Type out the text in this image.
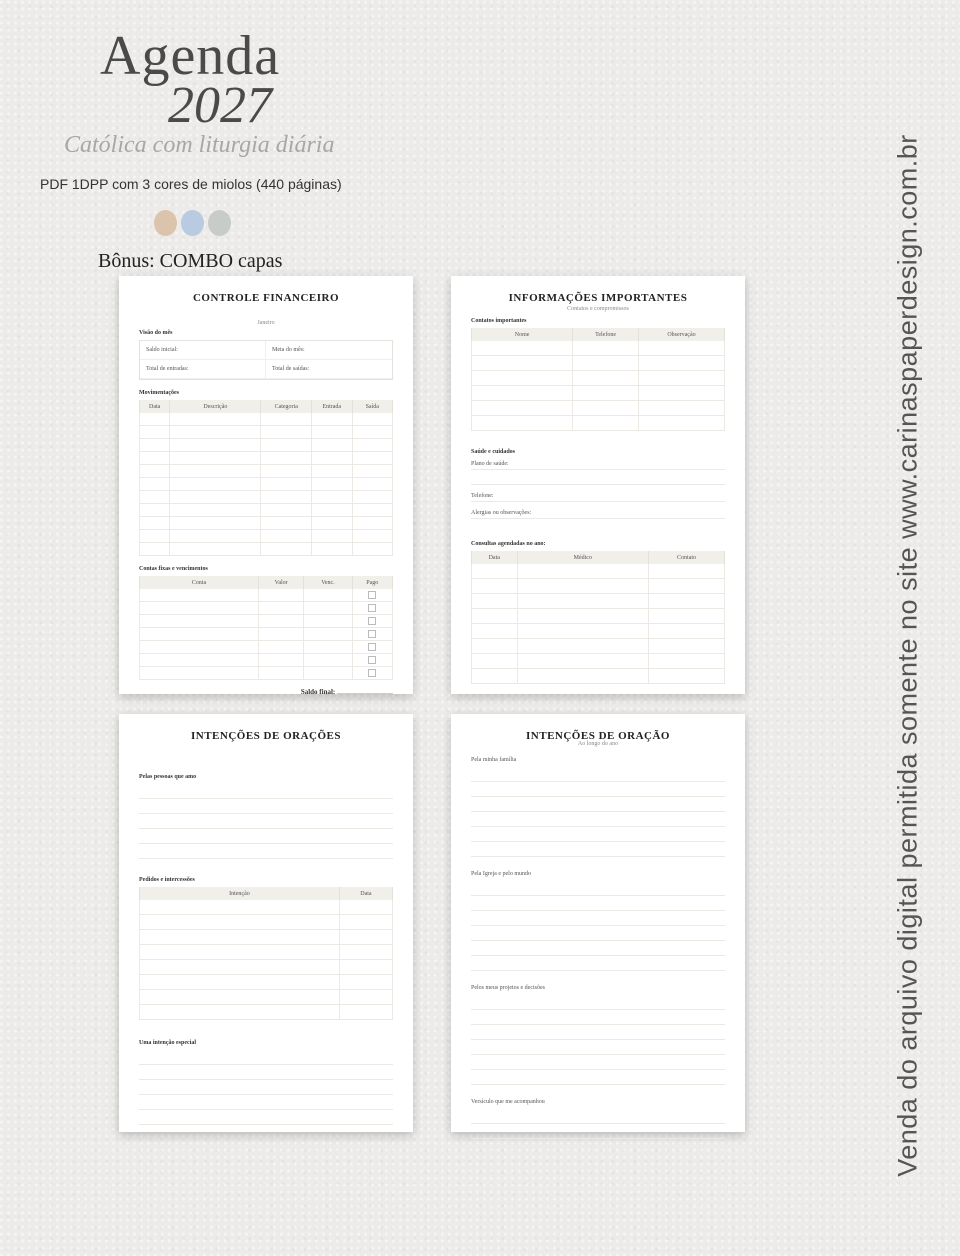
Agenda
2027
Católica com liturgia diária
PDF 1DPP com 3 cores de miolos (440 páginas)
Bônus: COMBO capas	Venda do arquivo digital permitida somente no site www.carinaspaperdesign.com.br
CONTROLE FINANCEIRO
Janeiro
Visão do mês
Saldo inicial:	Meta do mês:
Total de entradas:	Total de saídas:
Movimentações
Data	Descrição	Categoria	Entrada	Saída

Contas fixas e vencimentos
Conta	Valor	Venc.	Pago

Saldo final:
INFORMAÇÕES IMPORTANTES
Contatos e compromissos
Contatos importantes
Nome	Telefone	Observação

Saúde e cuidados
Plano de saúde:
Telefone:
Alergias ou observações:
Consultas agendadas no ano:
Data	Médico	Contato

INTENÇÕES DE ORAÇÕES
Pelas pessoas que amo
Pedidos e intercessões
Intenção	Data

Uma intenção especial
INTENÇÕES DE ORAÇÃO
Ao longo do ano
Pela minha família
Pela Igreja e pelo mundo
Pelos meus projetos e decisões
Versículo que me acompanhou
